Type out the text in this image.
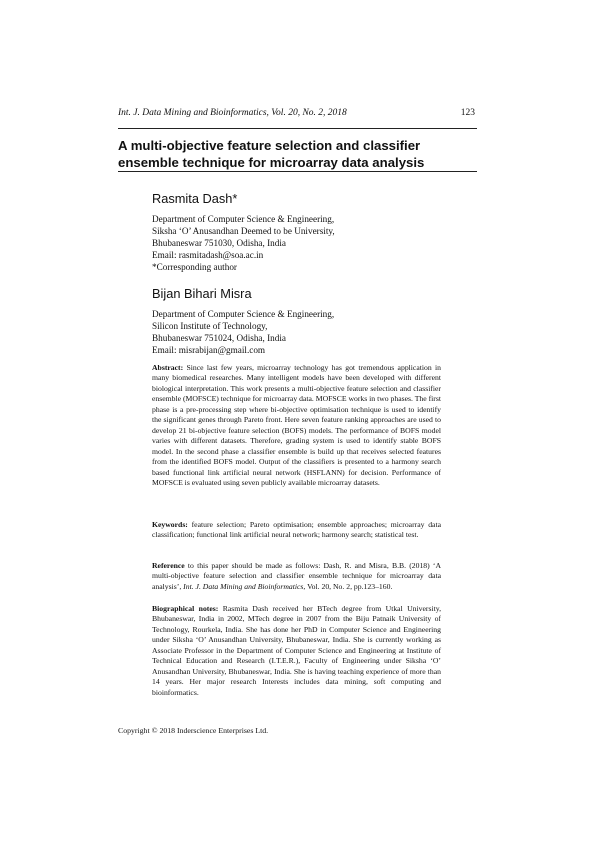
Int. J. Data Mining and Bioinformatics, Vol. 20, No. 2, 2018	123
A multi-objective feature selection and classifier ensemble technique for microarray data analysis
Rasmita Dash*
Department of Computer Science & Engineering,
Siksha ‘O’ Anusandhan Deemed to be University,
Bhubaneswar 751030, Odisha, India
Email: rasmitadash@soa.ac.in
*Corresponding author
Bijan Bihari Misra
Department of Computer Science & Engineering,
Silicon Institute of Technology,
Bhubaneswar 751024, Odisha, India
Email: misrabijan@gmail.com

Abstract: Since last few years, microarray technology has got tremendous application in many biomedical researches. Many intelligent models have been developed with different biological interpretation. This work presents a multi-objective feature selection and classifier ensemble (MOFSCE) technique for microarray data. MOFSCE works in two phases. The first phase is a pre-processing step where bi-objective optimisation technique is used to identify the significant genes through Pareto front. Here seven feature ranking approaches are used to develop 21 bi-objective feature selection (BOFS) models. The performance of BOFS model varies with different datasets. Therefore, grading system is used to identify stable BOFS model. In the second phase a classifier ensemble is build up that receives selected features from the identified BOFS model. Output of the classifiers is presented to a harmony search based functional link artificial neural network (HSFLANN) for decision. Performance of MOFSCE is evaluated using seven publicly available microarray datasets.

Keywords: feature selection; Pareto optimisation; ensemble approaches; microarray data classification; functional link artificial neural network; harmony search; statistical test.

Reference to this paper should be made as follows: Dash, R. and Misra, B.B. (2018) ‘A multi-objective feature selection and classifier ensemble technique for microarray data analysis’, Int. J. Data Mining and Bioinformatics, Vol. 20, No. 2, pp.123–160.

Biographical notes: Rasmita Dash received her BTech degree from Utkal University, Bhubaneswar, India in 2002, MTech degree in 2007 from the Biju Patnaik University of Technology, Rourkela, India. She has done her PhD in Computer Science and Engineering under Siksha ‘O’ Anusandhan University, Bhubaneswar, India. She is currently working as Associate Professor in the Department of Computer Science and Engineering at Institute of Technical Education and Research (I.T.E.R.), Faculty of Engineering under Siksha ‘O’ Anusandhan University, Bhubaneswar, India. She is having teaching experience of more than 14 years. Her major research Interests includes data mining, soft computing and bioinformatics.

Copyright © 2018 Inderscience Enterprises Ltd.
